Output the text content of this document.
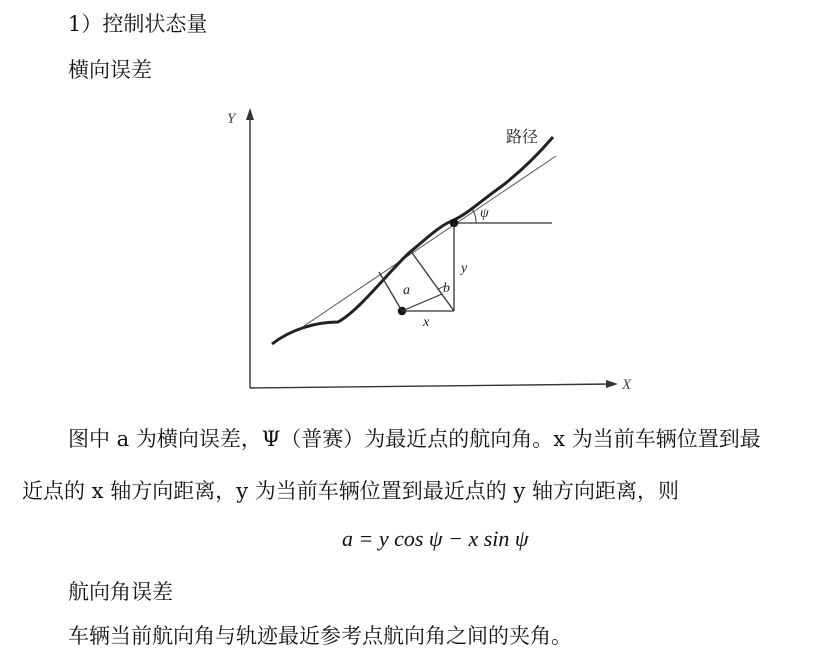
1）控制状态量
横向误差
Y
X
路径
ψ
a b
x
y
图中 a 为横向误差，Ψ（普赛）为最近点的航向角。x 为当前车辆位置到最
近点的 x 轴方向距离，y 为当前车辆位置到最近点的 y 轴方向距离，则
a = y cos ψ − x sin ψ
航向角误差
车辆当前航向角与轨迹最近参考点航向角之间的夹角。
